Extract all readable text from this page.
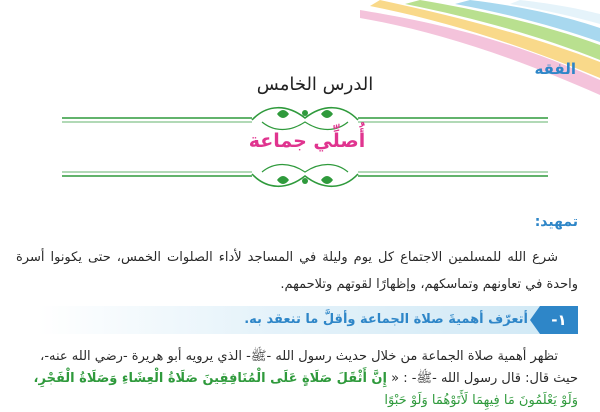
الفقه
الدرس الخامس
أُصلِّي جماعة
تمهيد:
شرع الله للمسلمين الاجتماع كل يوم وليلة في المساجد لأداء الصلوات الخمس، حتى يكونوا أسرة واحدة في تعاونهم وتماسكهم، وإظهارًا لقوتهم وتلاحمهم.
١-
أتعرّف أهميةَ صلاة الجماعة وأقلَّ ما تنعقد به.
تظهر أهمية صلاة الجماعة من خلال حديث رسول الله -ﷺ- الذي يرويه أبو هريرة -رضي الله عنه-،
حيث قال: قال رسول الله -ﷺ- : « إِنَّ أَثْقَلَ صَلَاةٍ عَلَى الْمُنَافِقِينَ صَلَاةُ الْعِشَاءِ وَصَلَاةُ الْفَجْرِ،
وَلَوْ يَعْلَمُونَ مَا فِيهِمَا لَأَتَوْهُمَا وَلَوْ حَبْوًا
